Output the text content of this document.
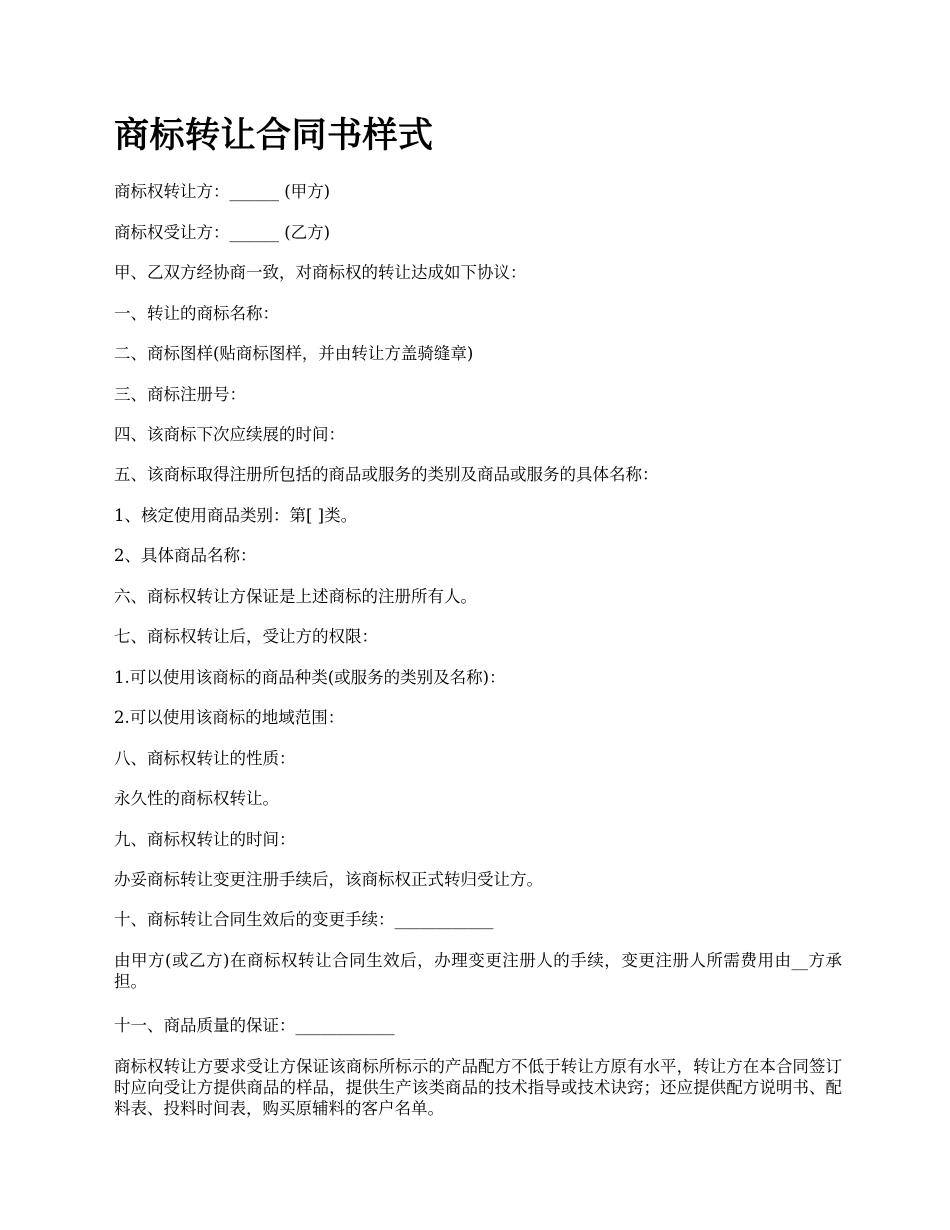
商标转让合同书样式

商标权转让方：______ (甲方)

商标权受让方：______ (乙方)

甲、乙双方经协商一致，对商标权的转让达成如下协议：

一、转让的商标名称：

二、商标图样(贴商标图样，并由转让方盖骑缝章)

三、商标注册号：

四、该商标下次应续展的时间：

五、该商标取得注册所包括的商品或服务的类别及商品或服务的具体名称：

1、核定使用商品类别：第[ ]类。

2、具体商品名称：

六、商标权转让方保证是上述商标的注册所有人。

七、商标权转让后，受让方的权限：

1.可以使用该商标的商品种类(或服务的类别及名称)：

2.可以使用该商标的地域范围：

八、商标权转让的性质：

永久性的商标权转让。

九、商标权转让的时间：

办妥商标转让变更注册手续后，该商标权正式转归受让方。

十、商标转让合同生效后的变更手续：____________

由甲方(或乙方)在商标权转让合同生效后，办理变更注册人的手续，变更注册人所需费用由__方承担。

十一、商品质量的保证：____________

商标权转让方要求受让方保证该商标所标示的产品配方不低于转让方原有水平，转让方在本合同签订时应向受让方提供商品的样品，提供生产该类商品的技术指导或技术诀窍；还应提供配方说明书、配料表、投料时间表，购买原辅料的客户名单。
